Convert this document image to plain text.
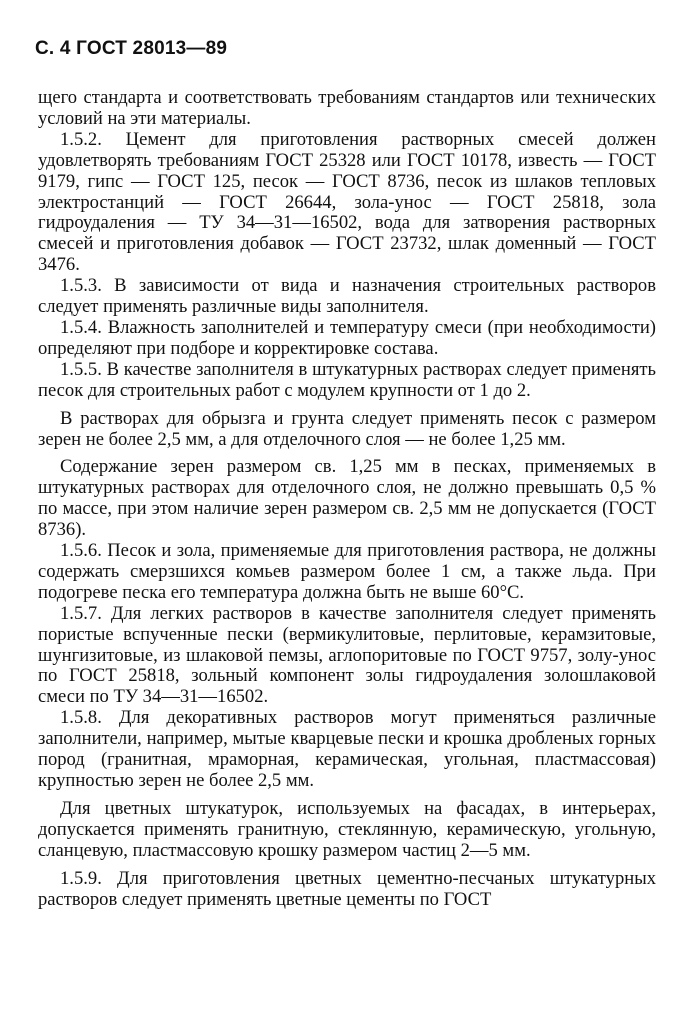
С. 4 ГОСТ 28013—89

щего стандарта и соответствовать требованиям стандартов или технических условий на эти материалы.

1.5.2. Цемент для приготовления растворных смесей должен удовлетворять требованиям ГОСТ 25328 или ГОСТ 10178, известь — ГОСТ 9179, гипс — ГОСТ 125, песок — ГОСТ 8736, песок из шлаков тепловых электростанций — ГОСТ 26644, зола-унос — ГОСТ 25818, зола гидроудаления — ТУ 34—31—16502, вода для затворения растворных смесей и приготовления добавок — ГОСТ 23732, шлак доменный — ГОСТ 3476.

1.5.3. В зависимости от вида и назначения строительных растворов следует применять различные виды заполнителя.

1.5.4. Влажность заполнителей и температуру смеси (при необходимости) определяют при подборе и корректировке состава.

1.5.5. В качестве заполнителя в штукатурных растворах следует применять песок для строительных работ с модулем крупности от 1 до 2.

В растворах для обрызга и грунта следует применять песок с размером зерен не более 2,5 мм, а для отделочного слоя — не более 1,25 мм.

Содержание зерен размером св. 1,25 мм в песках, применяемых в штукатурных растворах для отделочного слоя, не должно превышать 0,5 % по массе, при этом наличие зерен размером св. 2,5 мм не допускается (ГОСТ 8736).

1.5.6. Песок и зола, применяемые для приготовления раствора, не должны содержать смерзшихся комьев размером более 1 см, а также льда. При подогреве песка его температура должна быть не выше 60°С.

1.5.7. Для легких растворов в качестве заполнителя следует применять пористые вспученные пески (вермикулитовые, перлитовые, керамзитовые, шунгизитовые, из шлаковой пемзы, аглопоритовые по ГОСТ 9757, золу-унос по ГОСТ 25818, зольный компонент золы гидроудаления золошлаковой смеси по ТУ 34—31—16502.

1.5.8. Для декоративных растворов могут применяться различные заполнители, например, мытые кварцевые пески и крошка дробленых горных пород (гранитная, мраморная, керамическая, угольная, пластмассовая) крупностью зерен не более 2,5 мм.

Для цветных штукатурок, используемых на фасадах, в интерьерах, допускается применять гранитную, стеклянную, керамическую, угольную, сланцевую, пластмассовую крошку размером частиц 2—5 мм.

1.5.9. Для приготовления цветных цементно-песчаных штукатурных растворов следует применять цветные цементы по ГОСТ
